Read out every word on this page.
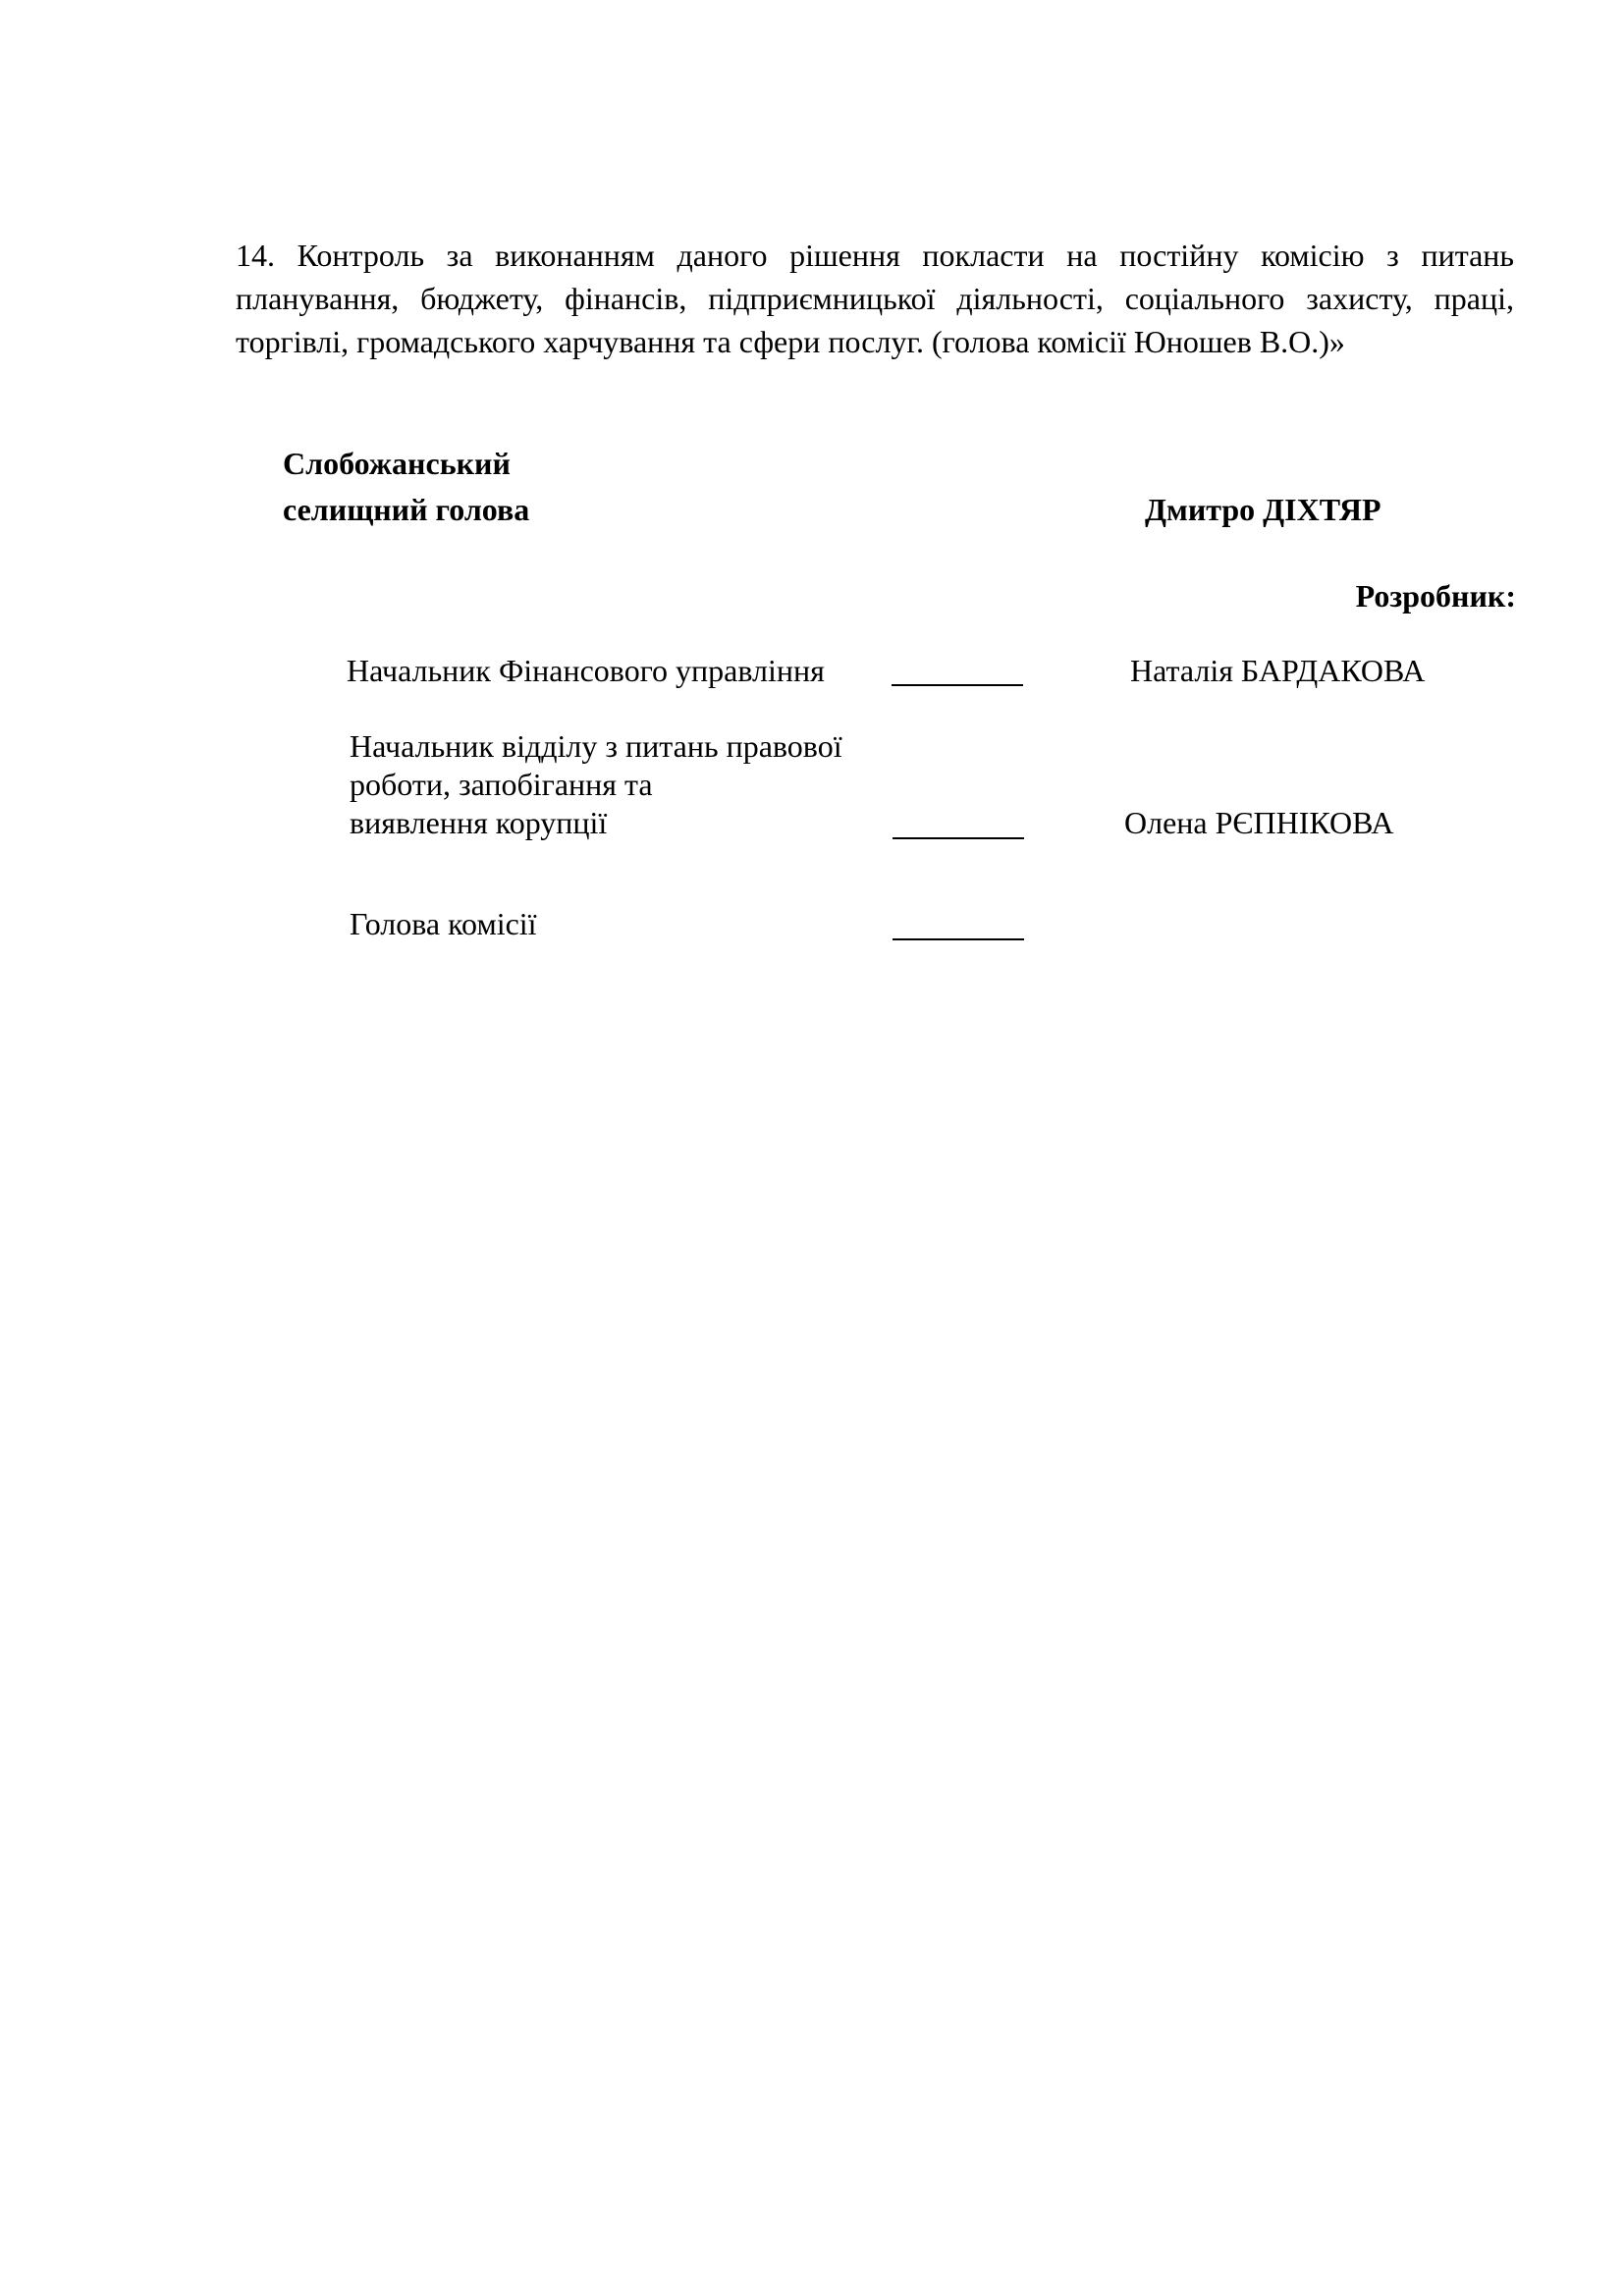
14. Контроль за виконанням даного рішення покласти на постійну комісію з питань
планування, бюджету, фінансів, підприємницької діяльності, соціального захисту, праці,
торгівлі, громадського харчування та сфери послуг. (голова комісії Юношев В.О.)»
Слобожанський
селищний голова	Дмитро ДІХТЯР
Розробник:
Начальник Фінансового управління	Наталія БАРДАКОВА
Начальник відділу з питань правової
роботи, запобігання та
виявлення корупції	Олена РЄПНІКОВА
Голова комісії
